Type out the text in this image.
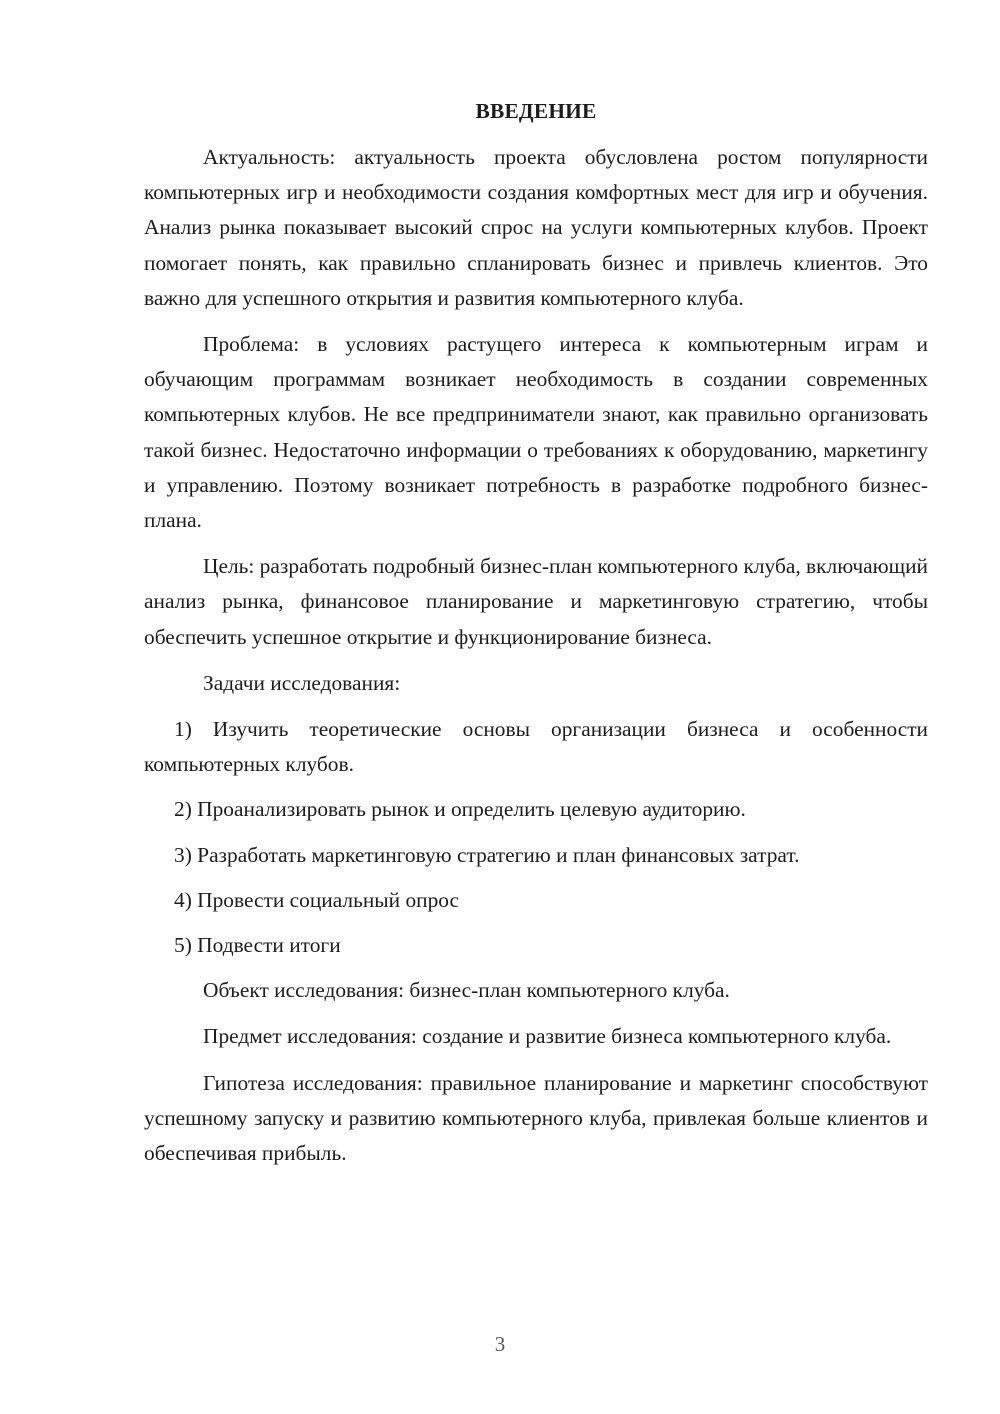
ВВЕДЕНИЕ

Актуальность: актуальность проекта обусловлена ростом популярности компьютерных игр и необходимости создания комфортных мест для игр и обучения. Анализ рынка показывает высокий спрос на услуги компьютерных клубов. Проект помогает понять, как правильно спланировать бизнес и привлечь клиентов. Это важно для успешного открытия и развития компьютерного клуба.

Проблема: в условиях растущего интереса к компьютерным играм и обучающим программам возникает необходимость в создании современных компьютерных клубов. Не все предприниматели знают, как правильно организовать такой бизнес. Недостаточно информации о требованиях к оборудованию, маркетингу и управлению. Поэтому возникает потребность в разработке подробного бизнес-плана.

Цель: разработать подробный бизнес-план компьютерного клуба, включающий анализ рынка, финансовое планирование и маркетинговую стратегию, чтобы обеспечить успешное открытие и функционирование бизнеса.

Задачи исследования:

1) Изучить теоретические основы организации бизнеса и особенности компьютерных клубов.

2) Проанализировать рынок и определить целевую аудиторию.

3) Разработать маркетинговую стратегию и план финансовых затрат.

4) Провести социальный опрос

5) Подвести итоги

Объект исследования: бизнес-план компьютерного клуба.

Предмет исследования: создание и развитие бизнеса компьютерного клуба.

Гипотеза исследования: правильное планирование и маркетинг способствуют успешному запуску и развитию компьютерного клуба, привлекая больше клиентов и обеспечивая прибыль.

3
